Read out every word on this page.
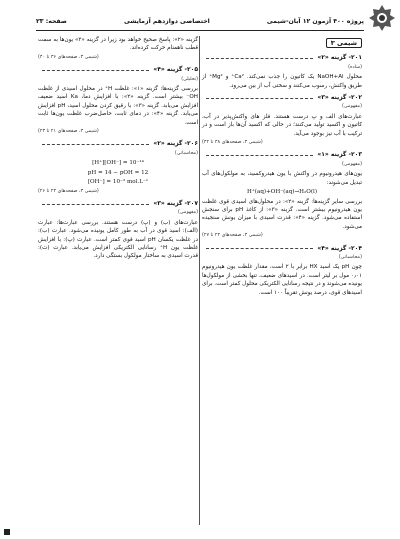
پروژه ۴۰۰ آزمون ۱۲ آبان-شیمی
اختصاصی دوازدهم آزمایشی
صفحه: ۲۳
شیمی ۳
۲۰۱- گزینه «۲»
(ساده)

محلول NaOH+Al یک کاتیون را جذب نمی‌کند. Ca²⁺ و Mg²⁺ از طریق واکنش، رسوب می‌کنند و سختی آب از بین می‌رود.

۲۰۲- گزینه «۳»
(مفهومی)

عبارت‌های الف و پ درست هستند. فلز های واکنش‌پذیر در آب، کاتیون و اکسید تولید می‌کنند؛ در حالی که اکسید آن‌ها باز است و در ترکیب با آب نیز بوجود می‌آید.

(شیمی ۳، صفحه‌های ۳۸ تا ۴۲)
۲۰۳- گزینه «۱»
(مفهومی)

یون‌های هیدرونیوم در واکنش با یون هیدروکسید، به مولکول‌های آب تبدیل می‌شوند:

H⁺(aq)+OH⁻(aq)→H₂O(l)

بررسی سایر گزینه‌ها: گزینه «۲»: در محلول‌های اسیدی قوی غلظت یون هیدرونیوم بیشتر است. گزینه «۳»: از کاغذ pH برای سنجش استفاده می‌شود. گزینه «۴»: قدرت اسیدی با میزان یونش سنجیده می‌شود.

(شیمی ۳، صفحه‌های ۲۴ تا ۲۷)
۲۰۴- گزینه «۴»
(محاسباتی)

چون pH یک اسید HX برابر با ۲ است، مقدار غلظت یون هیدرونیوم ۰٫۰۱ مول بر لیتر است. در اسیدهای ضعیف، تنها بخشی از مولکول‌ها یونیده می‌شوند و در نتیجه رسانایی الکتریکی محلول کمتر است. برای اسیدهای قوی، درصد یونش تقریباً ۱۰۰ است.

گزینه «۲»: پاسخ صحیح خواهد بود زیرا در گزینه «۲» یون‌ها به سمت قطب ناهمنام حرکت کرده‌اند.

(شیمی ۳، صفحه‌های ۳۶ تا ۴۰)
۲۰۵- گزینه «۴»
(تحلیلی)

بررسی گزینه‌ها: گزینه «۱»: غلظت H⁺ در محلول اسیدی از غلظت OH⁻ بیشتر است. گزینه «۲»: با افزایش دما، Ka اسید ضعیف افزایش می‌یابد. گزینه «۳»: با رقیق کردن محلول اسید، pH افزایش می‌یابد. گزینه «۴»: در دمای ثابت، حاصل‌ضرب غلظت یون‌ها ثابت است.

(شیمی ۳، صفحه‌های ۲۱ تا ۲۳)
۲۰۶- گزینه «۲»
(محاسباتی)
[H⁺][OH⁻] = 10⁻¹⁴
pH = 14 − pOH = 12
[OH⁻] = 10⁻² mol.L⁻¹
(شیمی ۳، صفحه‌های ۲۴ تا ۲۶)
۲۰۷- گزینه «۳»
(مفهومی)

عبارت‌های (ب) و (پ) درست هستند. بررسی عبارت‌ها: عبارت (الف): اسید قوی در آب به طور کامل یونیده می‌شود. عبارت (ب): در غلظت یکسان pH اسید قوی کمتر است. عبارت (پ): با افزایش غلظت یون H⁺ رسانایی الکتریکی افزایش می‌یابد. عبارت (ت): قدرت اسیدی به ساختار مولکول بستگی دارد.
